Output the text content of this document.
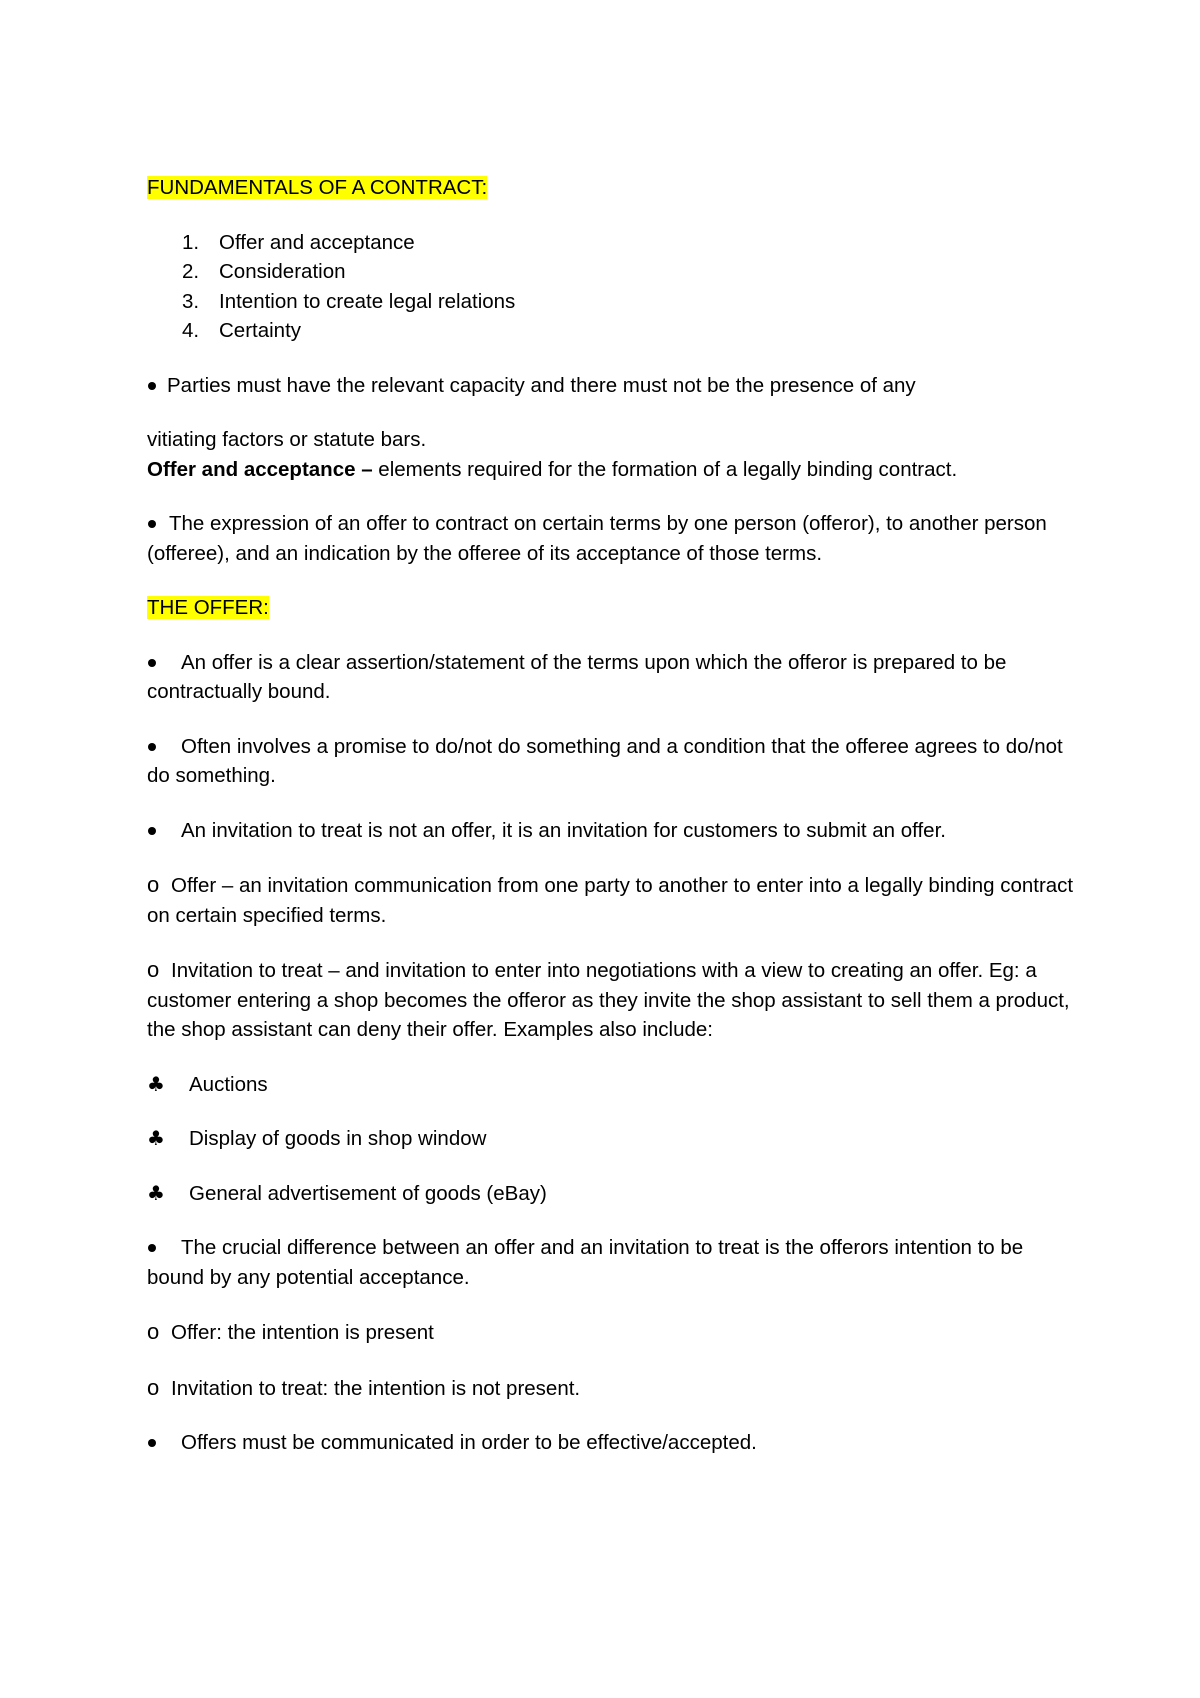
FUNDAMENTALS OF A CONTRACT:

1. Offer and acceptance
2. Consideration
3. Intention to create legal relations
4. Certainty

Parties must have the relevant capacity and there must not be the presence of any

vitiating factors or statute bars.

Offer and acceptance – elements required for the formation of a legally binding contract.

The expression of an offer to contract on certain terms by one person (offeror), to another person (offeree), and an indication by the offeree of its acceptance of those terms.

THE OFFER:

An offer is a clear assertion/statement of the terms upon which the offeror is prepared to be contractually bound.

Often involves a promise to do/not do something and a condition that the offeree agrees to do/not do something.

An invitation to treat is not an offer, it is an invitation for customers to submit an offer.

o Offer – an invitation communication from one party to another to enter into a legally binding contract on certain specified terms.

o Invitation to treat – and invitation to enter into negotiations with a view to creating an offer. Eg: a customer entering a shop becomes the offeror as they invite the shop assistant to sell them a product, the shop assistant can deny their offer. Examples also include:

♣ Auctions

♣ Display of goods in shop window

♣ General advertisement of goods (eBay)

The crucial difference between an offer and an invitation to treat is the offerors intention to be bound by any potential acceptance.

o Offer: the intention is present

o Invitation to treat: the intention is not present.

Offers must be communicated in order to be effective/accepted.
